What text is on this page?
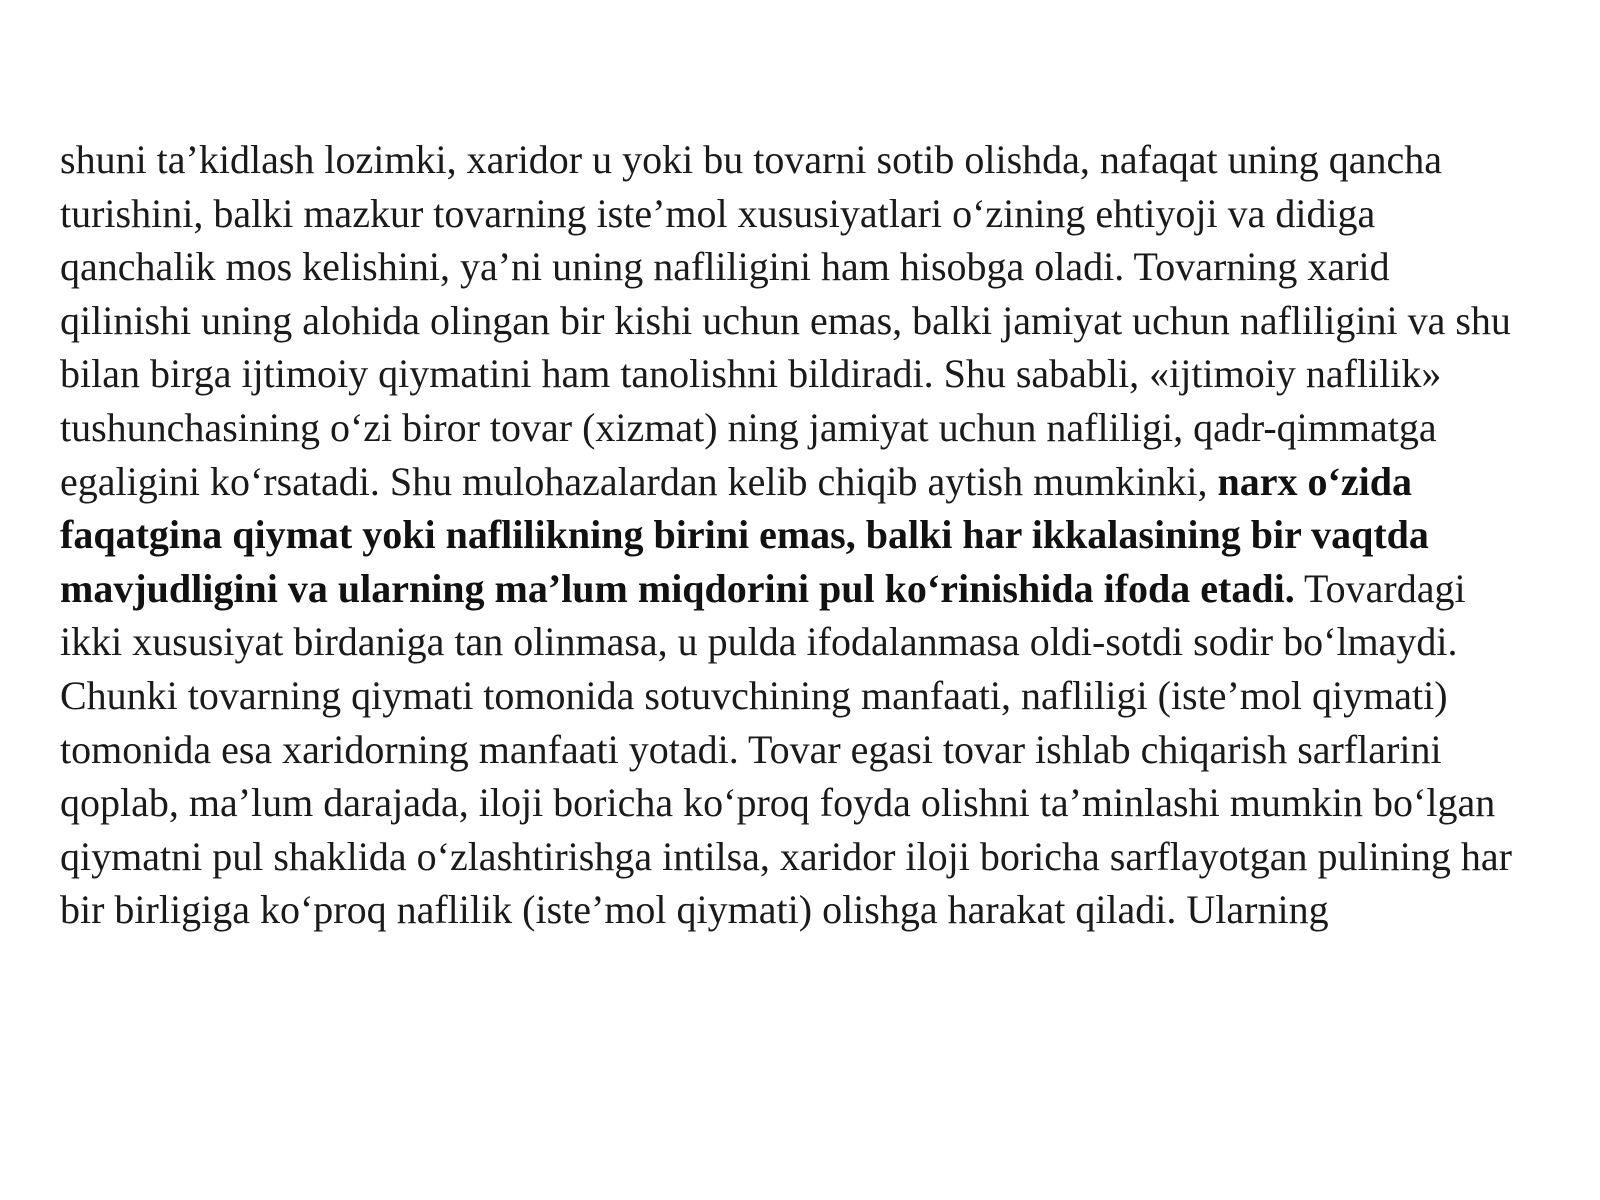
shuni ta’kidlash lozimki, xaridor u yoki bu tovarni sotib olishda, nafaqat uning qancha turishini, balki mazkur tovarning iste’mol xususiyatlari o‘zining ehtiyoji va didiga qanchalik mos kelishini, ya’ni uning nafliligini ham hisobga oladi. Tovarning xarid qilinishi uning alohida olingan bir kishi uchun emas, balki jamiyat uchun nafliligini va shu bilan birga ijtimoiy qiymatini ham tanolishni bildiradi. Shu sababli, «ijtimoiy naflilik» tushunchasining o‘zi biror tovar (xizmat) ning jamiyat uchun nafliligi, qadr-qimmatga egaligini ko‘rsatadi. Shu mulohazalardan kelib chiqib aytish mumkinki, narx o‘zida faqatgina qiymat yoki naflilikning birini emas, balki har ikkalasining bir vaqtda mavjudligini va ularning ma’lum miqdorini pul ko‘rinishida ifoda etadi. Tovardagi ikki xususiyat birdaniga tan olinmasa, u pulda ifodalanmasa oldi-sotdi sodir bo‘lmaydi. Chunki tovarning qiymati tomonida sotuvchining manfaati, nafliligi (iste’mol qiymati) tomonida esa xaridorning manfaati yotadi. Tovar egasi tovar ishlab chiqarish sarflarini qoplab, ma’lum darajada, iloji boricha ko‘proq foyda olishni ta’minlashi mumkin bo‘lgan qiymatni pul shaklida o‘zlashtirishga intilsa, xaridor iloji boricha sarflayotgan pulining har bir birligiga ko‘proq naflilik (iste’mol qiymati) olishga harakat qiladi. Ularning
